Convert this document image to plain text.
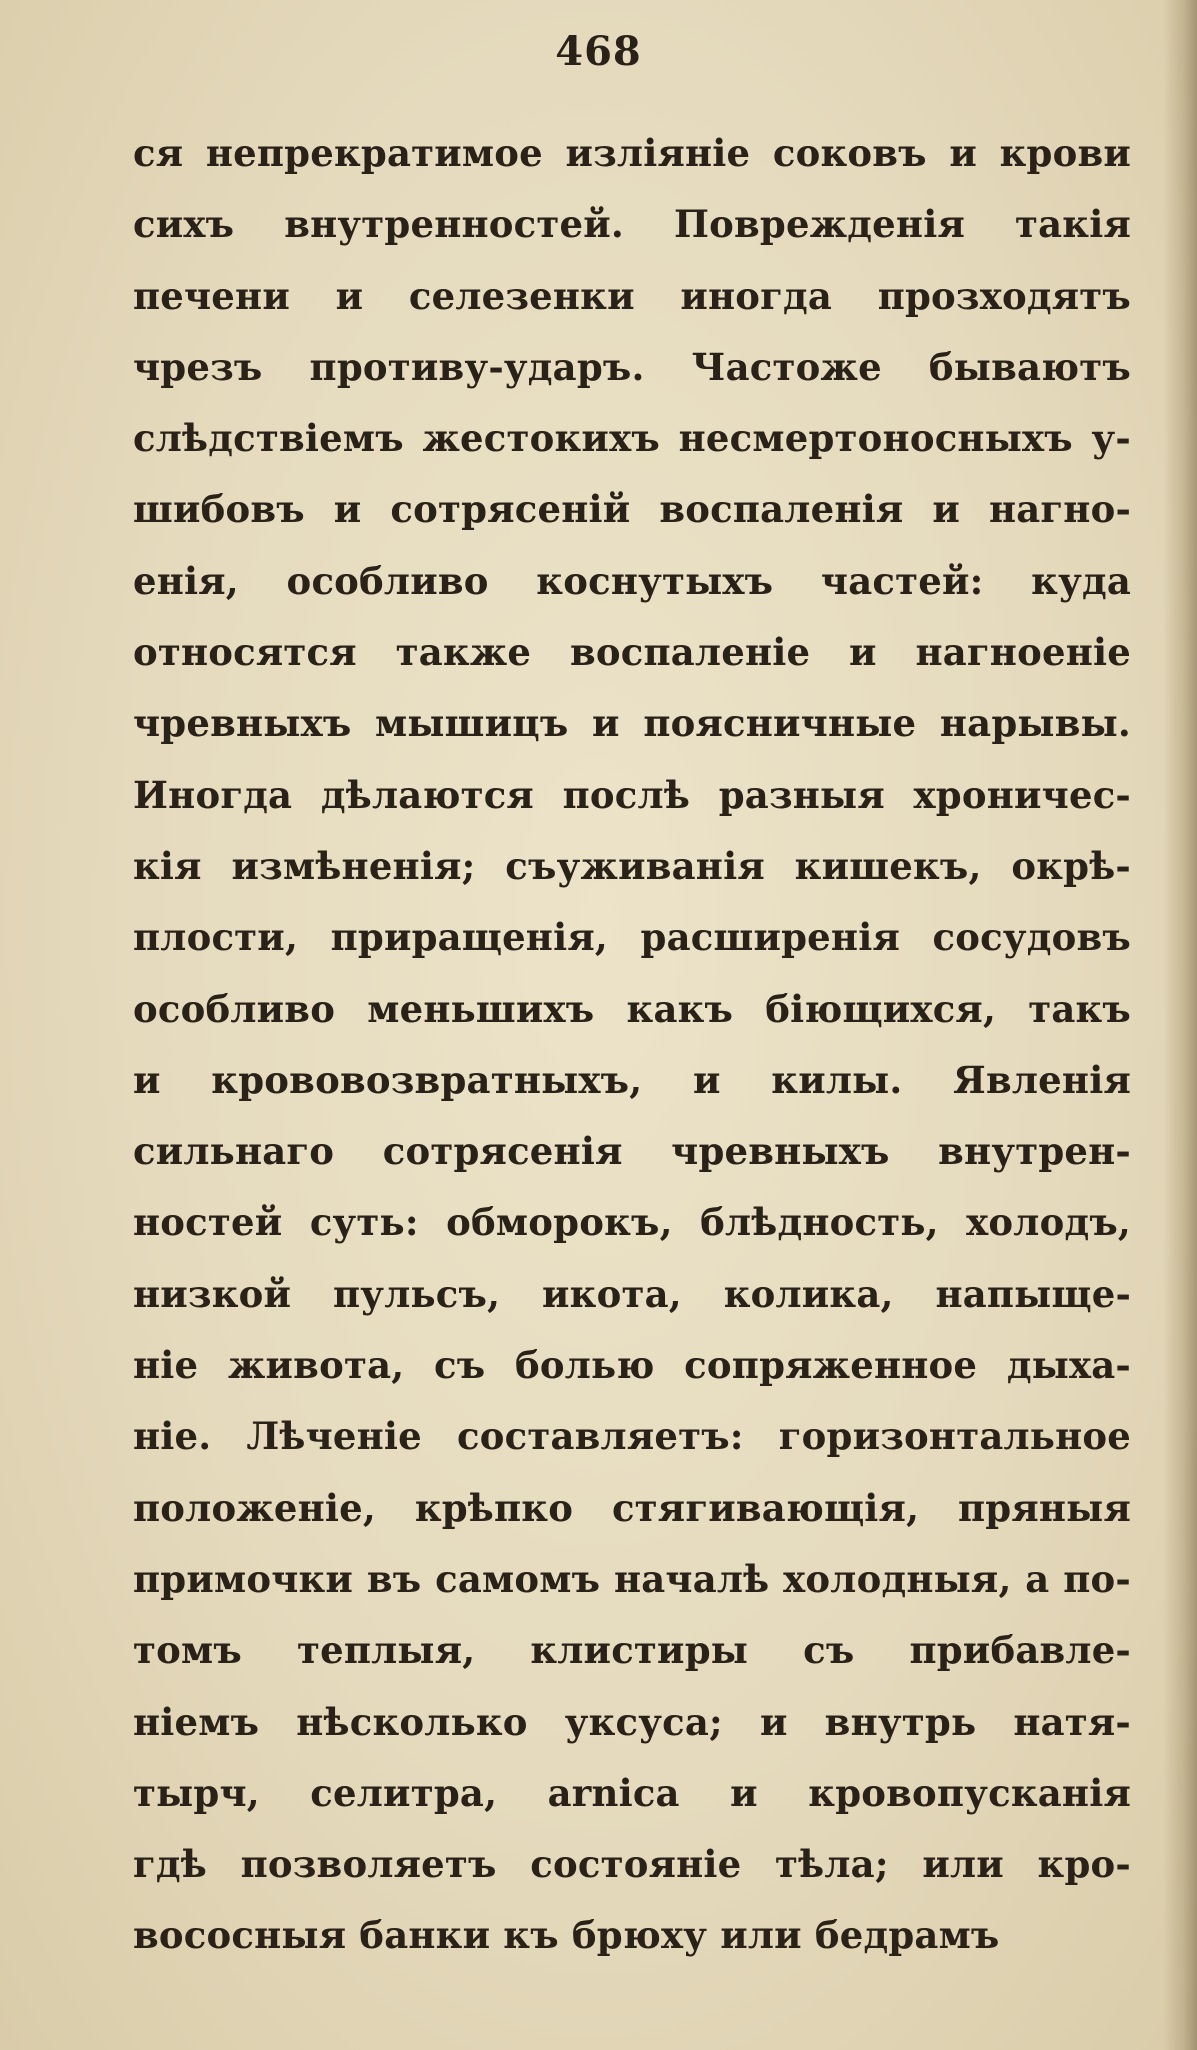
468
ся непрекратимое изліяніе соковъ и крови
сихъ внутренностей. Поврежденія такія
печени и селезенки иногда прозходятъ
чрезъ противу-ударъ. Частоже бываютъ
слѣдствіемъ жестокихъ несмертоносныхъ у-
шибовъ и сотрясеній воспаленія и нагно-
енія, особливо коснутыхъ частей: куда
относятся также воспаленіе и нагноеніе
чревныхъ мышицъ и поясничные нарывы.
Иногда дѣлаются послѣ разныя хроничес-
кія измѣненія; съуживанія кишекъ, окрѣ-
плости, приращенія, расширенія сосудовъ
особливо меньшихъ какъ біющихся, такъ
и крововозвратныхъ, и килы. Явленія
сильнаго сотрясенія чревныхъ внутрен-
ностей суть: обморокъ, блѣдность, холодъ,
низкой пульсъ, икота, колика, напыще-
ніе живота, съ болью сопряженное дыха-
ніе. Лѣченіе составляетъ: горизонтальное
положеніе, крѣпко стягивающія, пряныя
примочки въ самомъ началѣ холодныя, а по-
томъ теплыя, клистиры съ прибавле-
ніемъ нѣсколько уксуса; и внутрь натя-
тырч, селитра, arnica и кровопусканія
гдѣ позволяетъ состояніе тѣла; или кро-
вососныя банки къ брюху или бедрамъ
